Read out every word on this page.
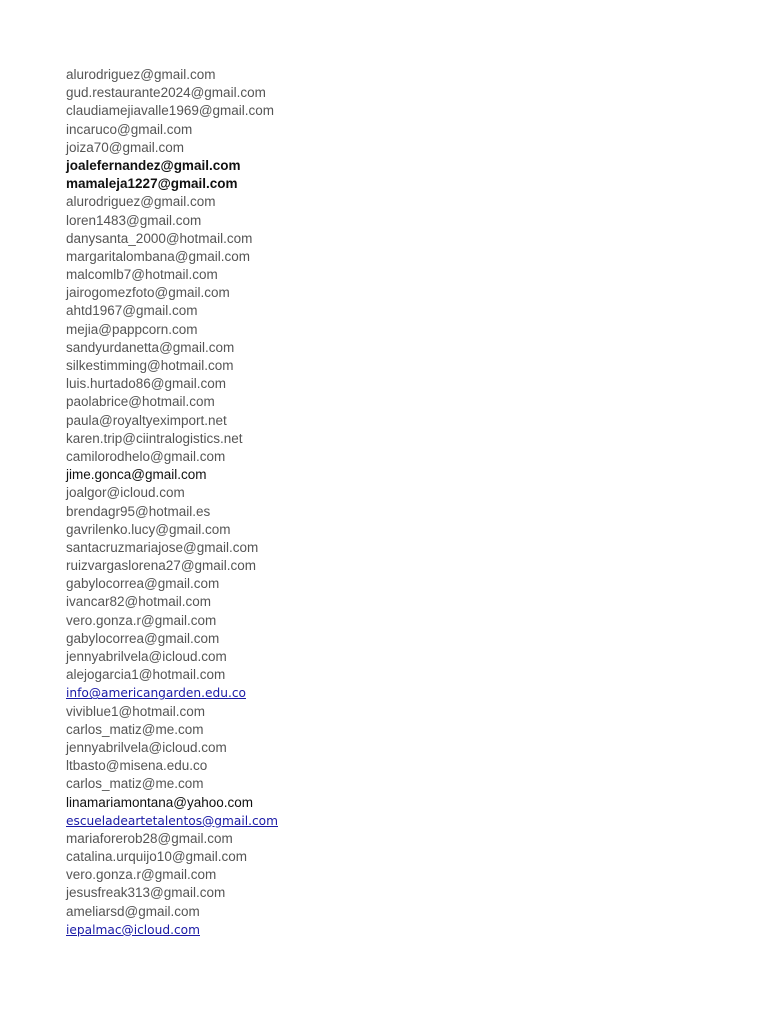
alurodriguez@gmail.com
gud.restaurante2024@gmail.com
claudiamejiavalle1969@gmail.com
incaruco@gmail.com
joiza70@gmail.com
joalefernandez@gmail.com
mamaleja1227@gmail.com
alurodriguez@gmail.com
loren1483@gmail.com
danysanta_2000@hotmail.com
margaritalombana@gmail.com
malcomlb7@hotmail.com
jairogomezfoto@gmail.com
ahtd1967@gmail.com
mejia@pappcorn.com
sandyurdanetta@gmail.com
silkestimming@hotmail.com
luis.hurtado86@gmail.com
paolabrice@hotmail.com
paula@royaltyeximport.net
karen.trip@ciintralogistics.net
camilorodhelo@gmail.com
jime.gonca@gmail.com
joalgor@icloud.com
brendagr95@hotmail.es
gavrilenko.lucy@gmail.com
santacruzmariajose@gmail.com
ruizvargaslorena27@gmail.com
gabylocorrea@gmail.com
ivancar82@hotmail.com
vero.gonza.r@gmail.com
gabylocorrea@gmail.com
jennyabrilvela@icloud.com
alejogarcia1@hotmail.com
info@americangarden.edu.co
viviblue1@hotmail.com
carlos_matiz@me.com
jennyabrilvela@icloud.com
ltbasto@misena.edu.co
carlos_matiz@me.com
linamariamontana@yahoo.com
escueladeartetalentos@gmail.com
mariaforerob28@gmail.com
catalina.urquijo10@gmail.com
vero.gonza.r@gmail.com
jesusfreak313@gmail.com
ameliarsd@gmail.com
iepalmac@icloud.com
